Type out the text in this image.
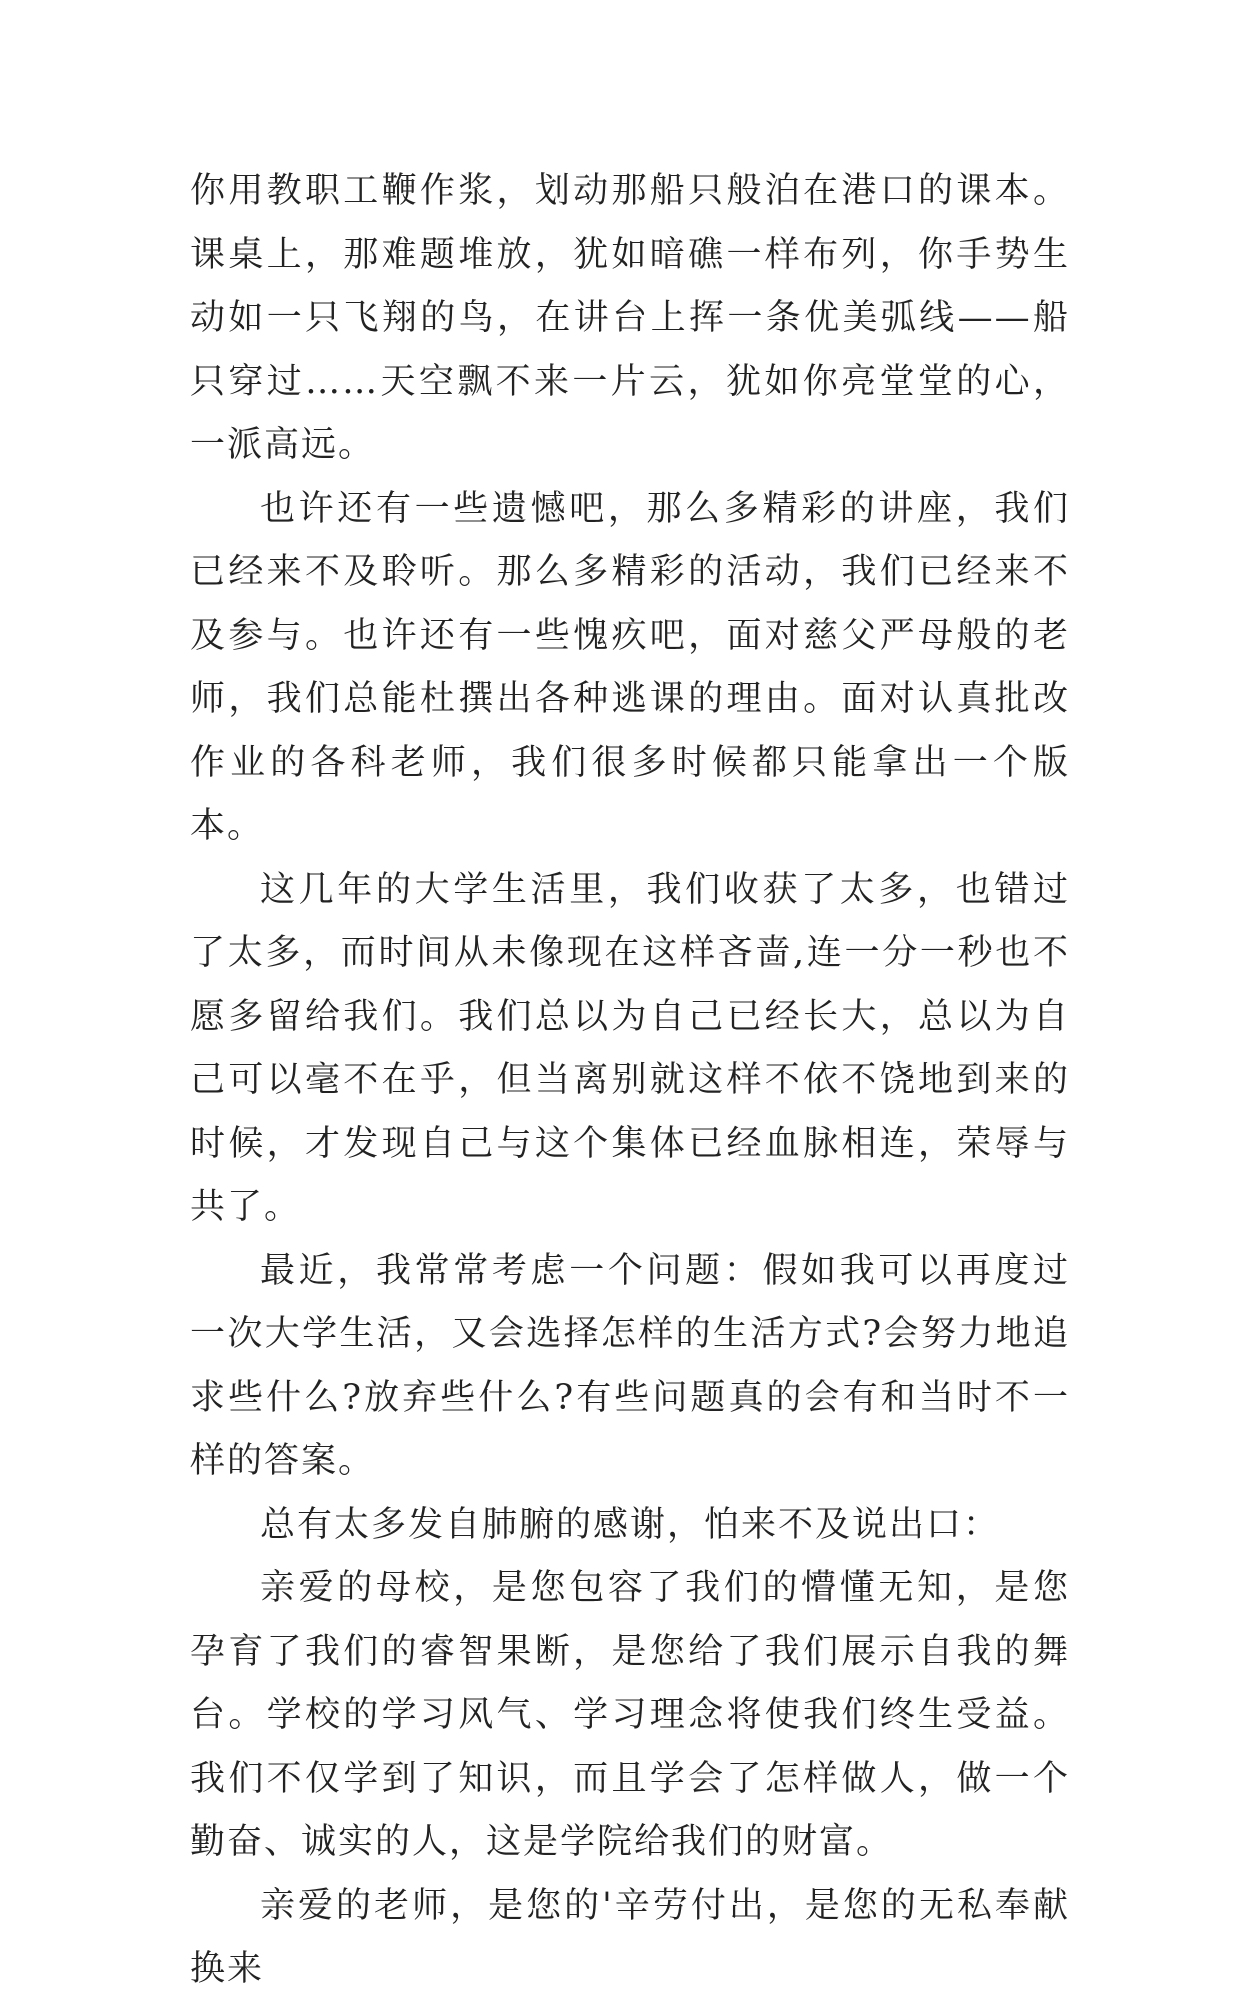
你用教职工鞭作浆，划动那船只般泊在港口的课本。课桌上，那难题堆放，犹如暗礁一样布列，你手势生动如一只飞翔的鸟，在讲台上挥一条优美弧线——船只穿过……天空飘不来一片云，犹如你亮堂堂的心，一派高远。

也许还有一些遗憾吧，那么多精彩的讲座，我们已经来不及聆听。那么多精彩的活动，我们已经来不及参与。也许还有一些愧疚吧，面对慈父严母般的老师，我们总能杜撰出各种逃课的理由。面对认真批改作业的各科老师，我们很多时候都只能拿出一个版本。

这几年的大学生活里，我们收获了太多，也错过了太多，而时间从未像现在这样吝啬,连一分一秒也不愿多留给我们。我们总以为自己已经长大，总以为自己可以毫不在乎，但当离别就这样不依不饶地到来的时候，才发现自己与这个集体已经血脉相连，荣辱与共了。

最近，我常常考虑一个问题：假如我可以再度过一次大学生活，又会选择怎样的生活方式?会努力地追求些什么?放弃些什么?有些问题真的会有和当时不一样的答案。

总有太多发自肺腑的感谢，怕来不及说出口：

亲爱的母校，是您包容了我们的懵懂无知，是您孕育了我们的睿智果断，是您给了我们展示自我的舞台。学校的学习风气、学习理念将使我们终生受益。我们不仅学到了知识，而且学会了怎样做人，做一个勤奋、诚实的人，这是学院给我们的财富。

亲爱的老师，是您的'辛劳付出，是您的无私奉献换来
